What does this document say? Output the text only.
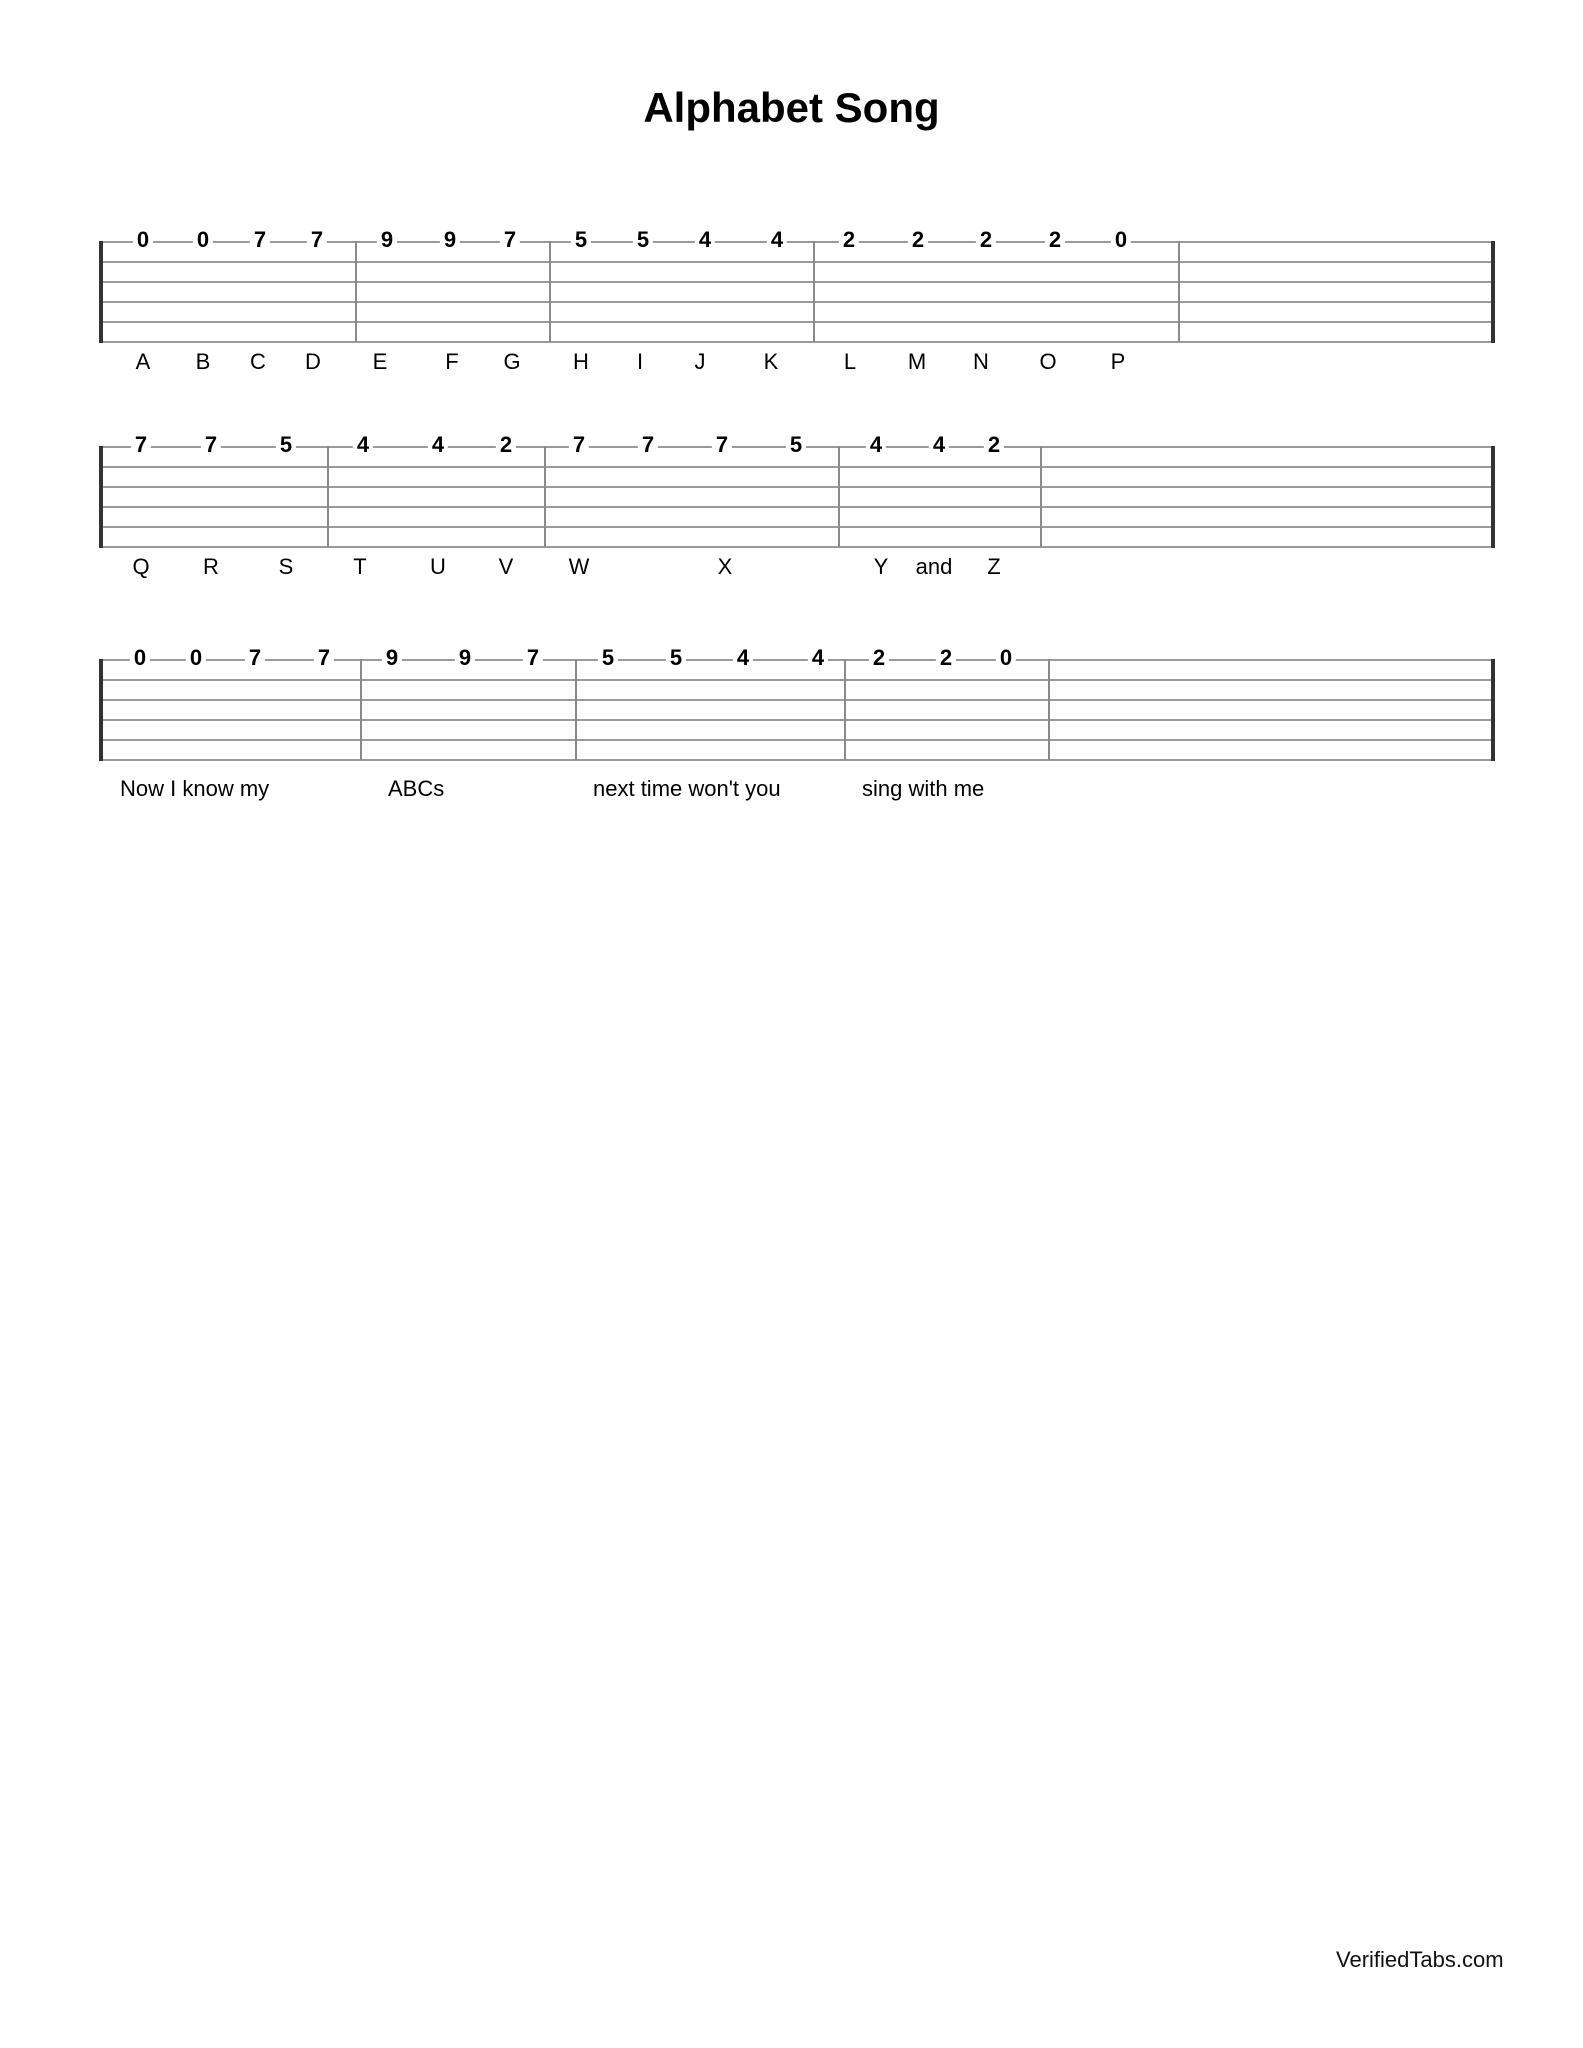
Alphabet Song
0 0 7 7	9 9 7	5 5 4	4	2	2	2	2 0
A B C D E	F G H I J	K	L M N O P
7	7	5	4	4	2	7	7	7	5	4 4 2
Q R	S	T	U V	W	X	Y and Z
0 0 7	7	9	9	7	5	5 4	4 2 2 0
Now I know my	ABCs	next time won't you	sing with me
VerifiedTabs.com
